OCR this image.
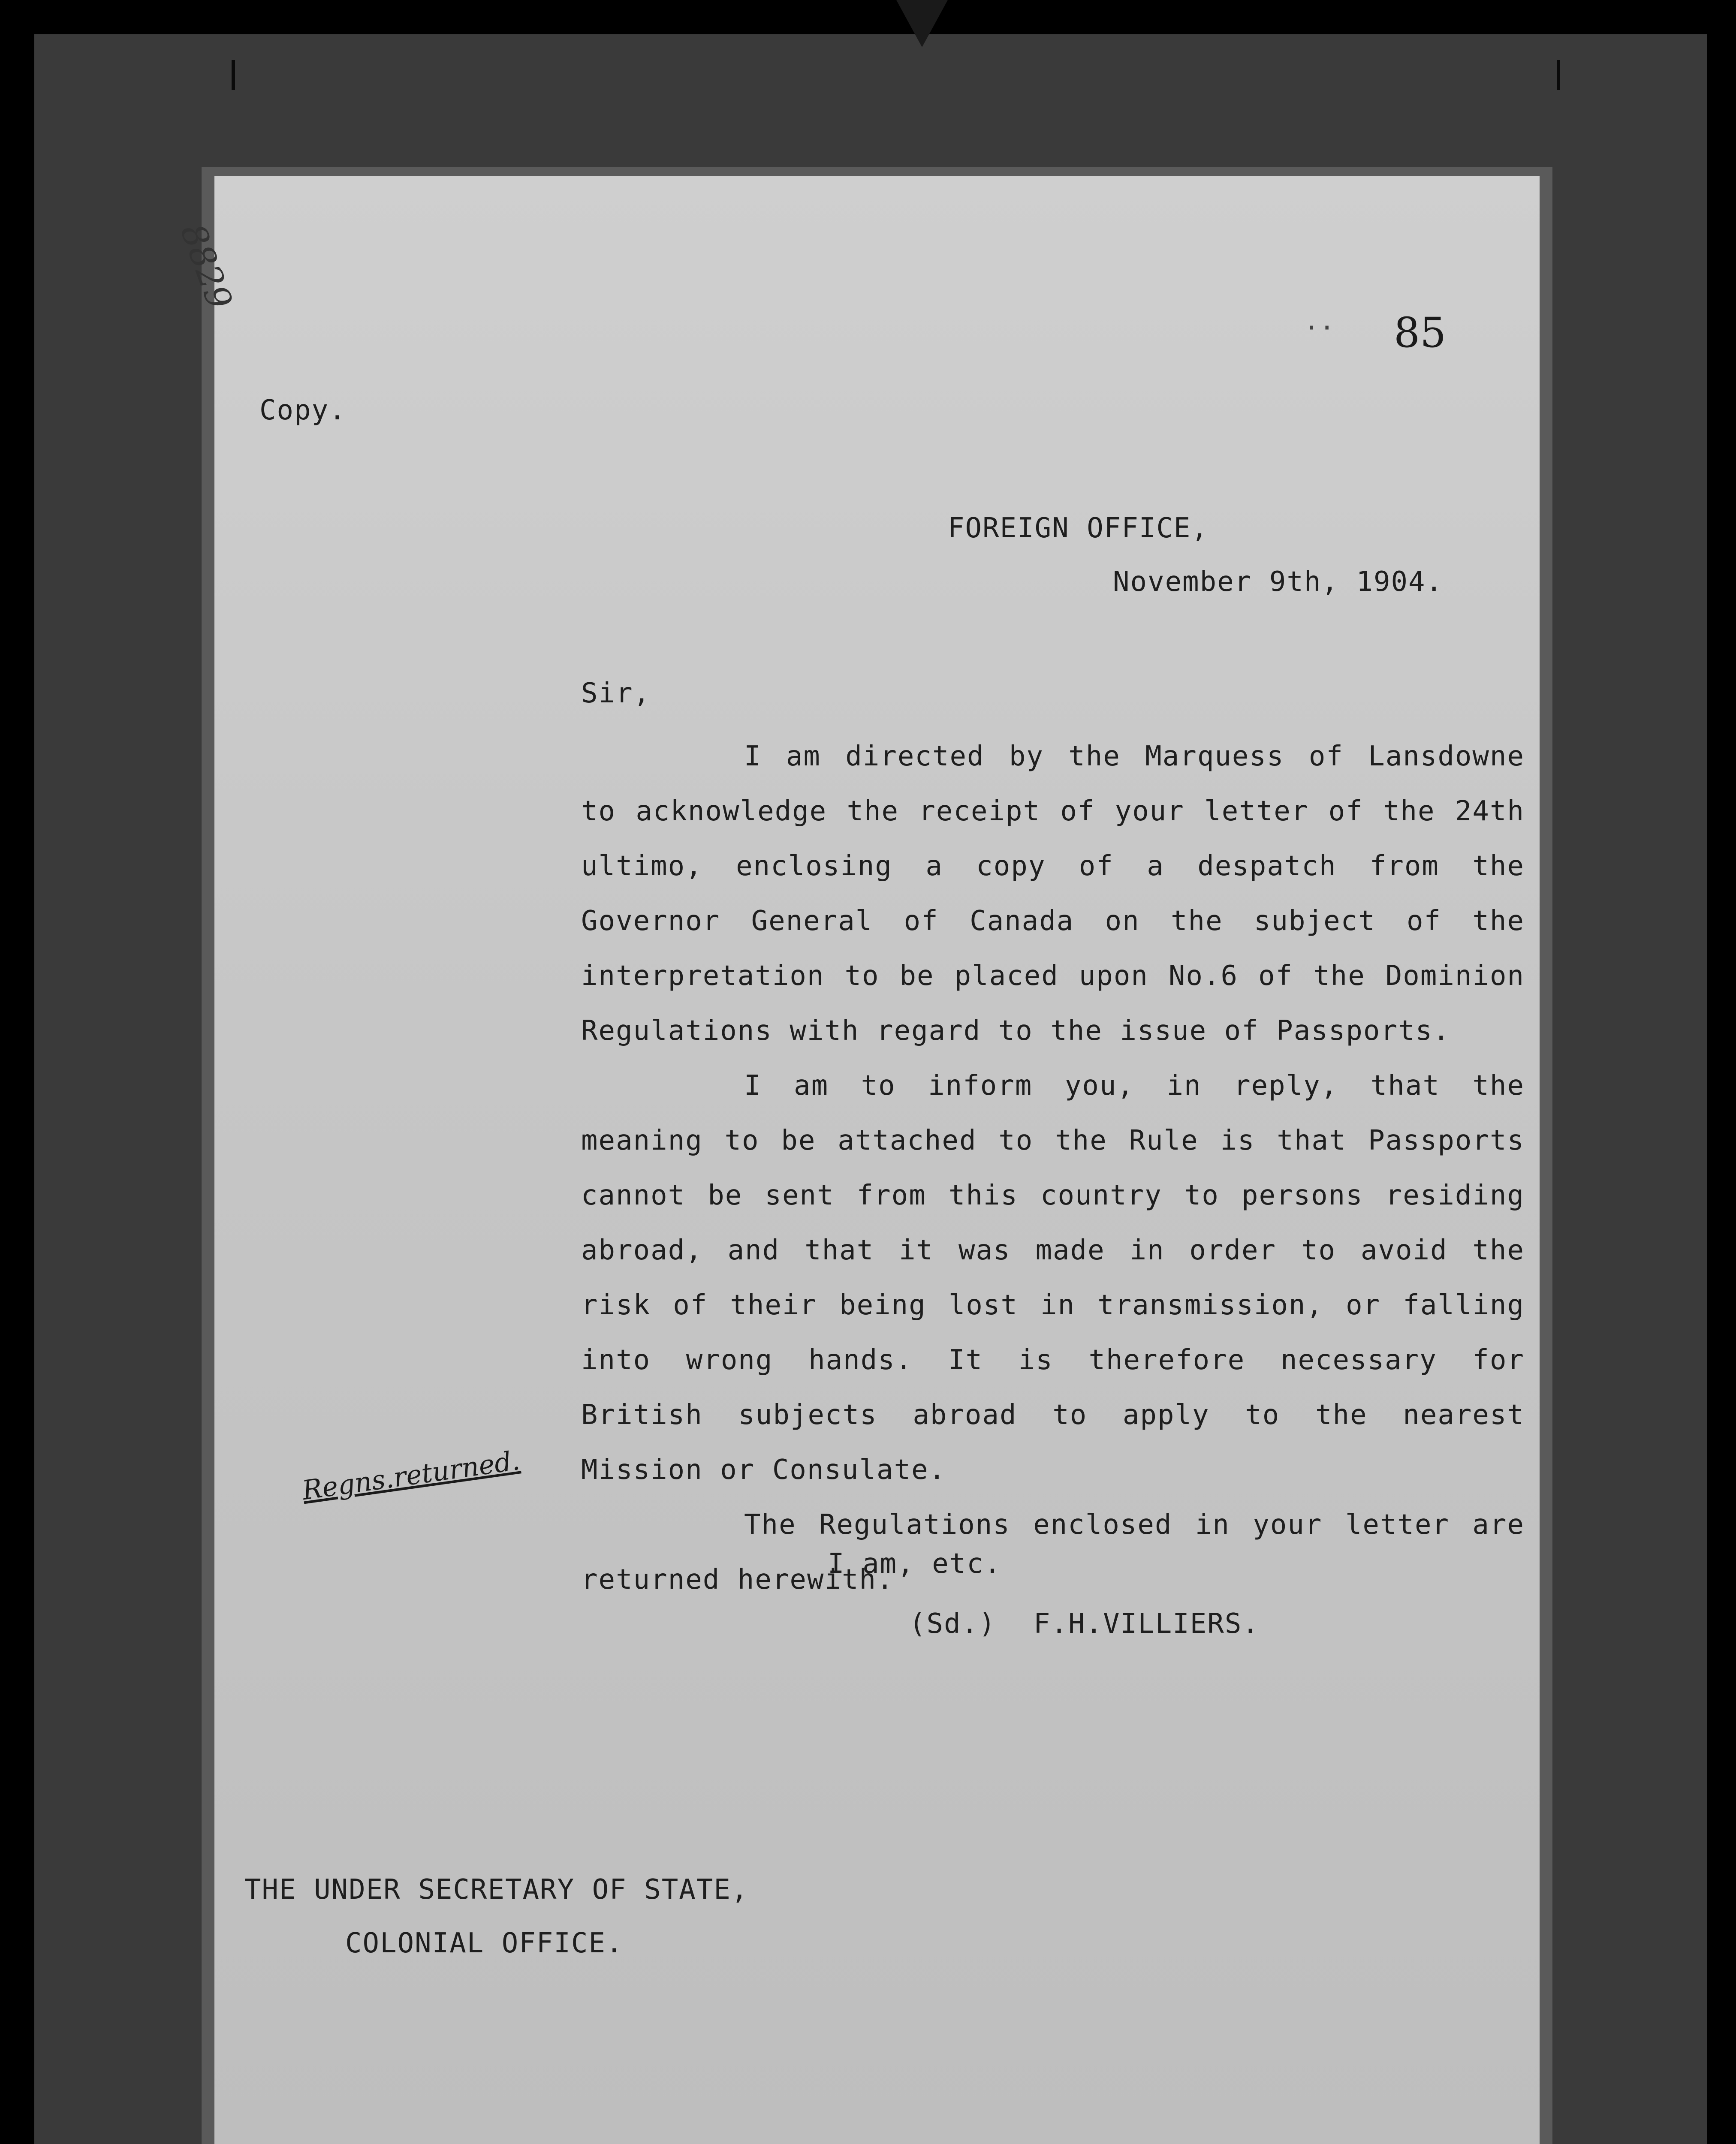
8829
·· 85
Copy.
FOREIGN OFFICE,
November 9th, 1904.
Sir,

I am directed by the Marquess of Lansdowne to acknowledge the receipt of your letter of the 24th ultimo, enclosing a copy of a despatch from the Governor General of Canada on the subject of the interpretation to be placed upon No.6 of the Dominion Regulations with regard to the issue of Passports.

I am to inform you, in reply, that the meaning to be attached to the Rule is that Passports cannot be sent from this country to persons residing abroad, and that it was made in order to avoid the risk of their being lost in transmission, or falling into wrong hands. It is therefore necessary for British subjects abroad to apply to the nearest Mission or Consulate.

The Regulations enclosed in your letter are returned herewith.

Regns.returned.
I am, etc.
(Sd.) F.H.VILLIERS.
THE UNDER SECRETARY OF STATE,
COLONIAL OFFICE.
